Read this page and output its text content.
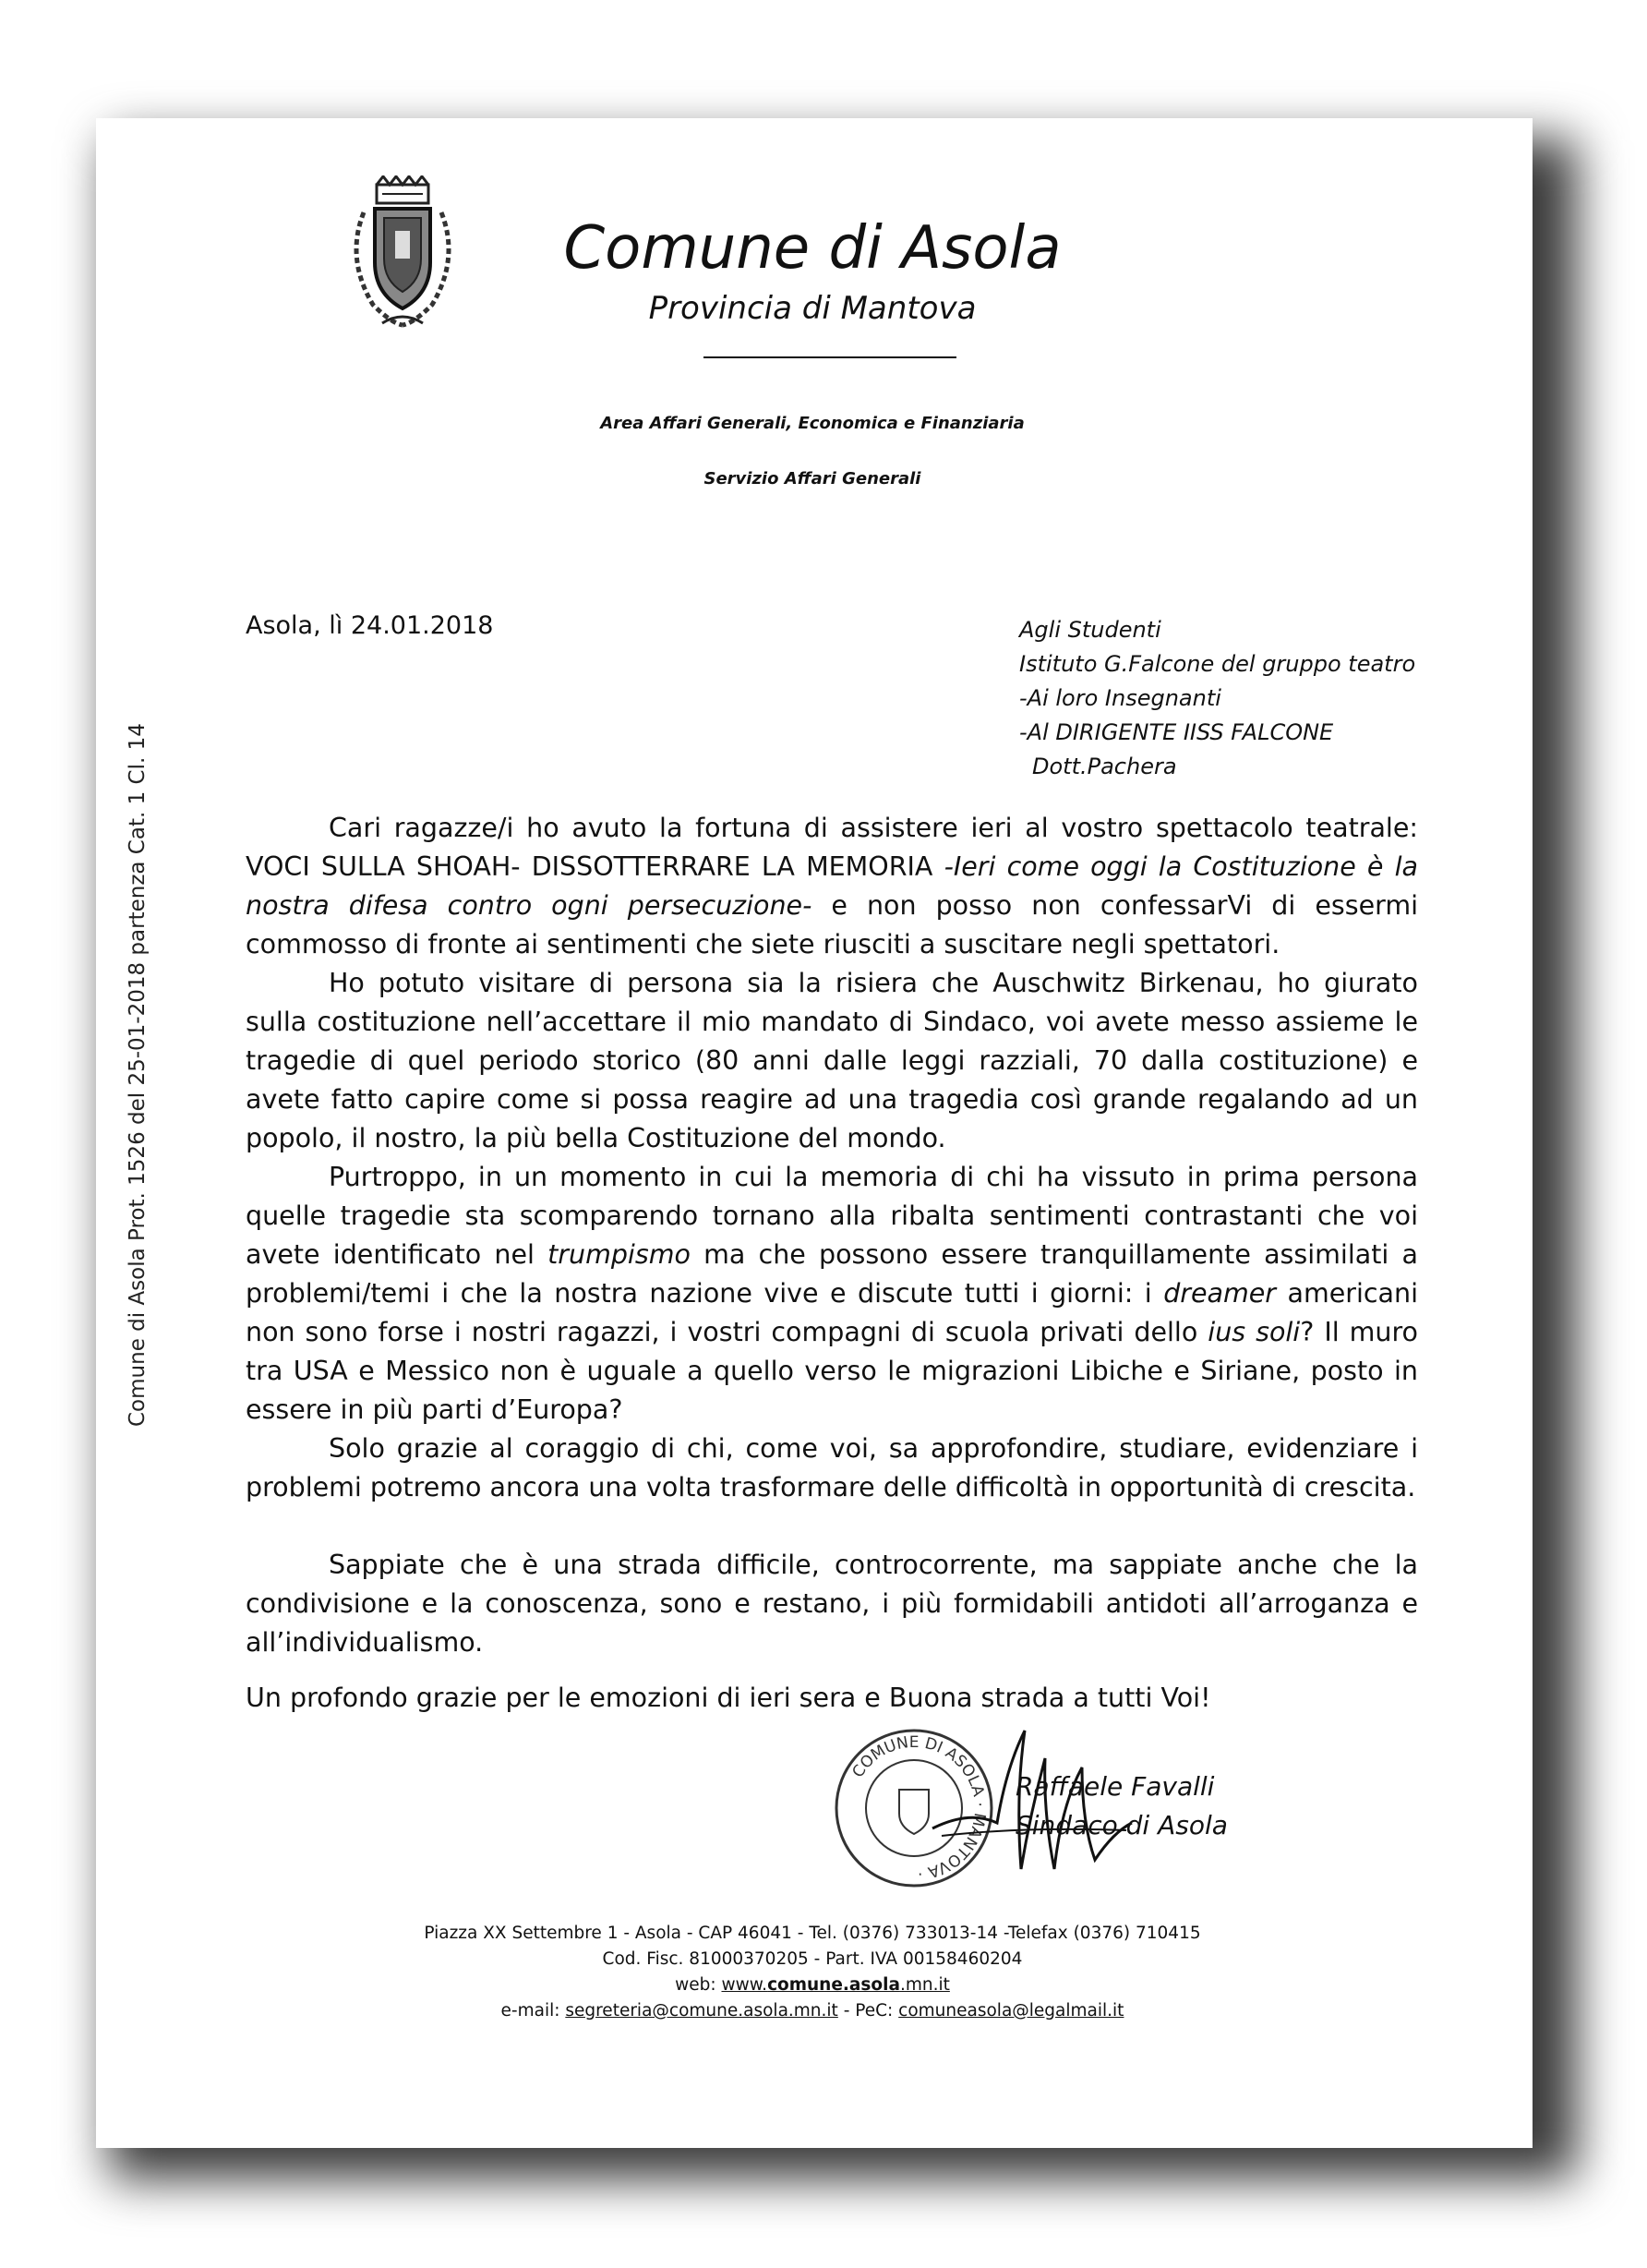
Comune di Asola Prot. 1526 del 25-01-2018 partenza Cat. 1 Cl. 14
Comune di Asola
Provincia di Mantova
Area Affari Generali, Economica e Finanziaria
Servizio Affari Generali
Asola, lì 24.01.2018	Agli Studenti
Istituto G.Falcone del gruppo teatro
-Ai loro Insegnanti
-Al DIRIGENTE IISS FALCONE
Dott.Pachera

Cari ragazze/i ho avuto la fortuna di assistere ieri al vostro spettacolo teatrale: VOCI SULLA SHOAH- DISSOTTERRARE LA MEMORIA -Ieri come oggi la Costituzione è la nostra difesa contro ogni persecuzione- e non posso non confessarVi di essermi commosso di fronte ai sentimenti che siete riusciti a suscitare negli spettatori.

Ho potuto visitare di persona sia la risiera che Auschwitz Birkenau, ho giurato sulla costituzione nell’accettare il mio mandato di Sindaco, voi avete messo assieme le tragedie di quel periodo storico (80 anni dalle leggi razziali, 70 dalla costituzione) e avete fatto capire come si possa reagire ad una tragedia così grande regalando ad un popolo, il nostro, la più bella Costituzione del mondo.

Purtroppo, in un momento in cui la memoria di chi ha vissuto in prima persona quelle tragedie sta scomparendo tornano alla ribalta sentimenti contrastanti che voi avete identificato nel trumpismo ma che possono essere tranquillamente assimilati a problemi/temi i che la nostra nazione vive e discute tutti i giorni: i dreamer americani non sono forse i nostri ragazzi, i vostri compagni di scuola privati dello ius soli? Il muro tra USA e Messico non è uguale a quello verso le migrazioni Libiche e Siriane, posto in essere in più parti d’Europa?

Solo grazie al coraggio di chi, come voi, sa approfondire, studiare, evidenziare i problemi potremo ancora una volta trasformare delle difficoltà in opportunità di crescita.

Sappiate che è una strada difficile, controcorrente, ma sappiate anche che la condivisione e la conoscenza, sono e restano, i più formidabili antidoti all’arroganza e all’individualismo.

Un profondo grazie per le emozioni di ieri sera e Buona strada a tutti Voi!
COMUNE DI ASOLA · MANTOVA ·
Raffaele Favalli
Sindaco di Asola
Piazza XX Settembre 1 - Asola - CAP 46041 - Tel. (0376) 733013-14 -Telefax (0376) 710415
Cod. Fisc. 81000370205 - Part. IVA 00158460204
web: www.comune.asola.mn.it
e-mail: segreteria@comune.asola.mn.it - PeC: comuneasola@legalmail.it
